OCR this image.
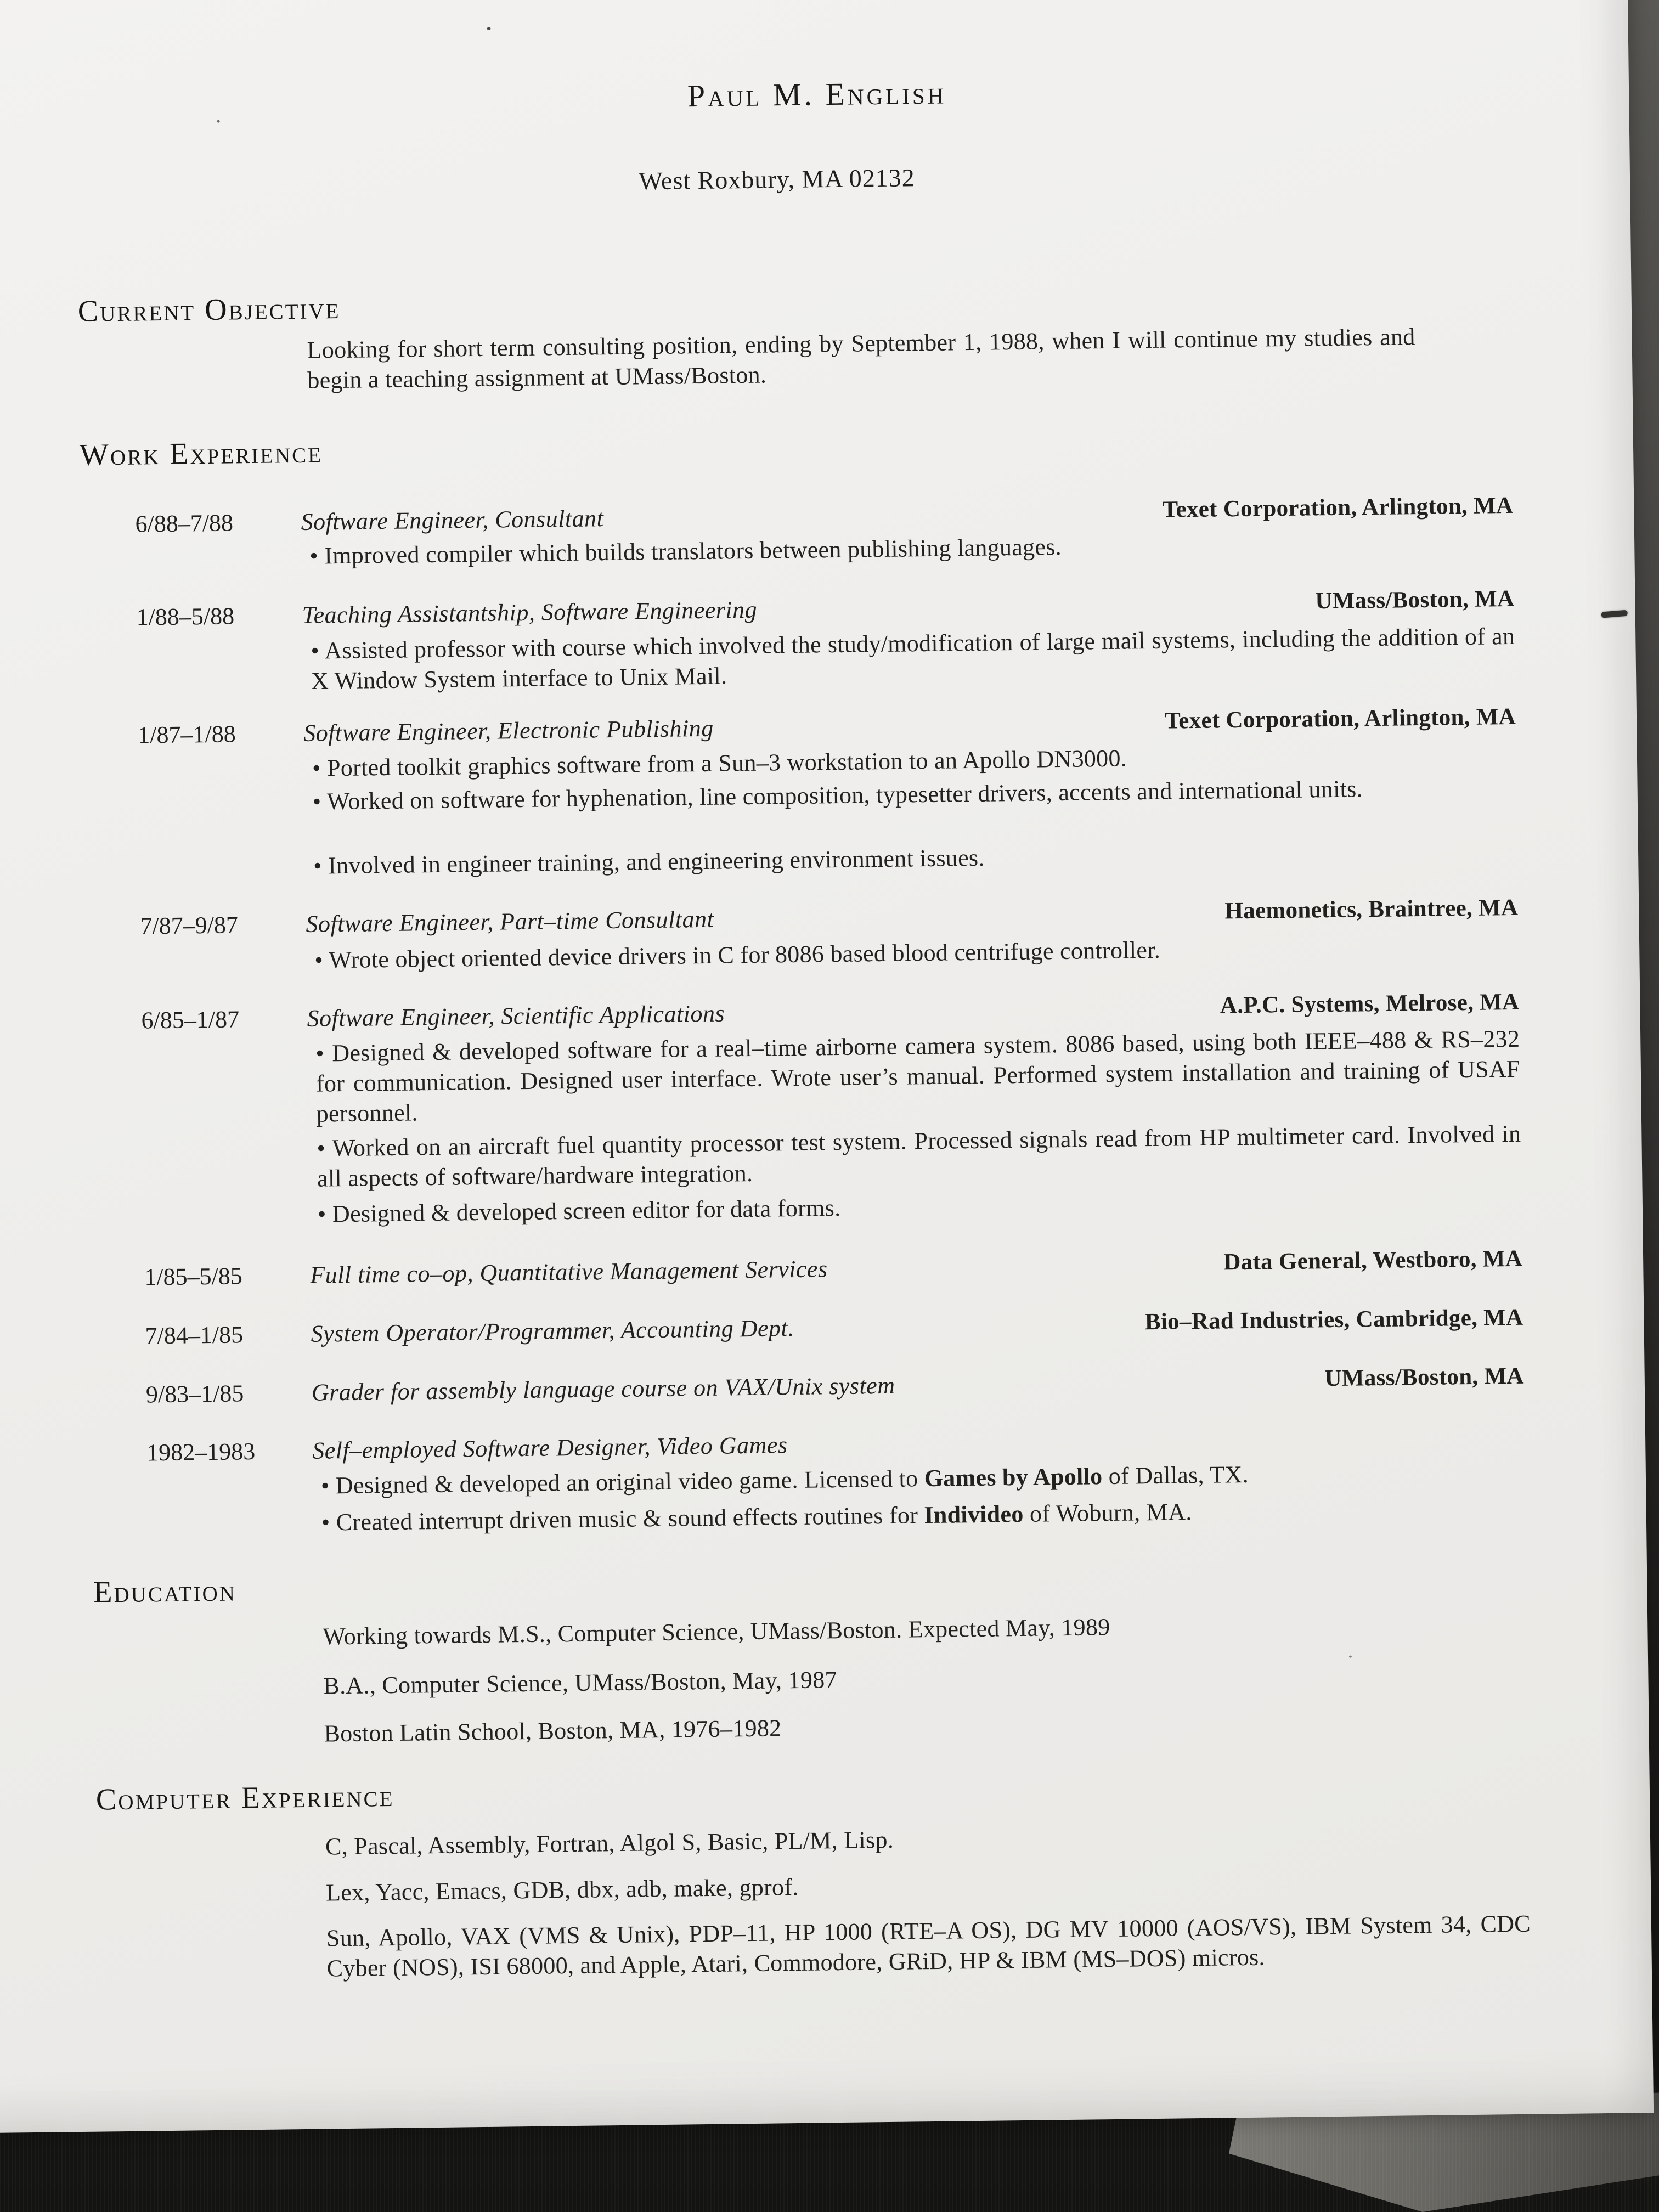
Paul M. English
West Roxbury, MA 02132
Current Objective

Looking for short term consulting position, ending by September 1, 1988, when I will continue my studies and begin a teaching assignment at UMass/Boston.

Work Experience
6/88–7/88	Software Engineer, Consultant	Texet Corporation, Arlington, MA

• Improved compiler which builds translators between publishing languages.

1/88–5/88	Teaching Assistantship, Software Engineering	UMass/Boston, MA

• Assisted professor with course which involved the study/modification of large mail systems, including the addition of an X Window System interface to Unix Mail.

1/87–1/88	Software Engineer, Electronic Publishing	Texet Corporation, Arlington, MA

• Ported toolkit graphics software from a Sun–3 workstation to an Apollo DN3000.

• Worked on software for hyphenation, line composition, typesetter drivers, accents and international units.

• Involved in engineer training, and engineering environment issues.

7/87–9/87	Software Engineer, Part–time Consultant	Haemonetics, Braintree, MA

• Wrote object oriented device drivers in C for 8086 based blood centrifuge controller.

6/85–1/87	Software Engineer, Scientific Applications	A.P.C. Systems, Melrose, MA

• Designed & developed software for a real–time airborne camera system. 8086 based, using both IEEE–488 & RS–232 for communication. Designed user interface. Wrote user’s manual. Performed system installation and training of USAF personnel.

• Worked on an aircraft fuel quantity processor test system. Processed signals read from HP multimeter card. Involved in all aspects of software/hardware integration.

• Designed & developed screen editor for data forms.

1/85–5/85	Full time co–op, Quantitative Management Services	Data General, Westboro, MA
7/84–1/85	System Operator/Programmer, Accounting Dept.	Bio–Rad Industries, Cambridge, MA
9/83–1/85	Grader for assembly language course on VAX/Unix system	UMass/Boston, MA
1982–1983 Self–employed Software Designer, Video Games

• Designed & developed an original video game. Licensed to Games by Apollo of Dallas, TX.

• Created interrupt driven music & sound effects routines for Individeo of Woburn, MA.

Education

Working towards M.S., Computer Science, UMass/Boston. Expected May, 1989

B.A., Computer Science, UMass/Boston, May, 1987

Boston Latin School, Boston, MA, 1976–1982

Computer Experience

C, Pascal, Assembly, Fortran, Algol S, Basic, PL/M, Lisp.

Lex, Yacc, Emacs, GDB, dbx, adb, make, gprof.

Sun, Apollo, VAX (VMS & Unix), PDP–11, HP 1000 (RTE–A OS), DG MV 10000 (AOS/VS), IBM System 34, CDC Cyber (NOS), ISI 68000, and Apple, Atari, Commodore, GRiD, HP & IBM (MS–DOS) micros.
